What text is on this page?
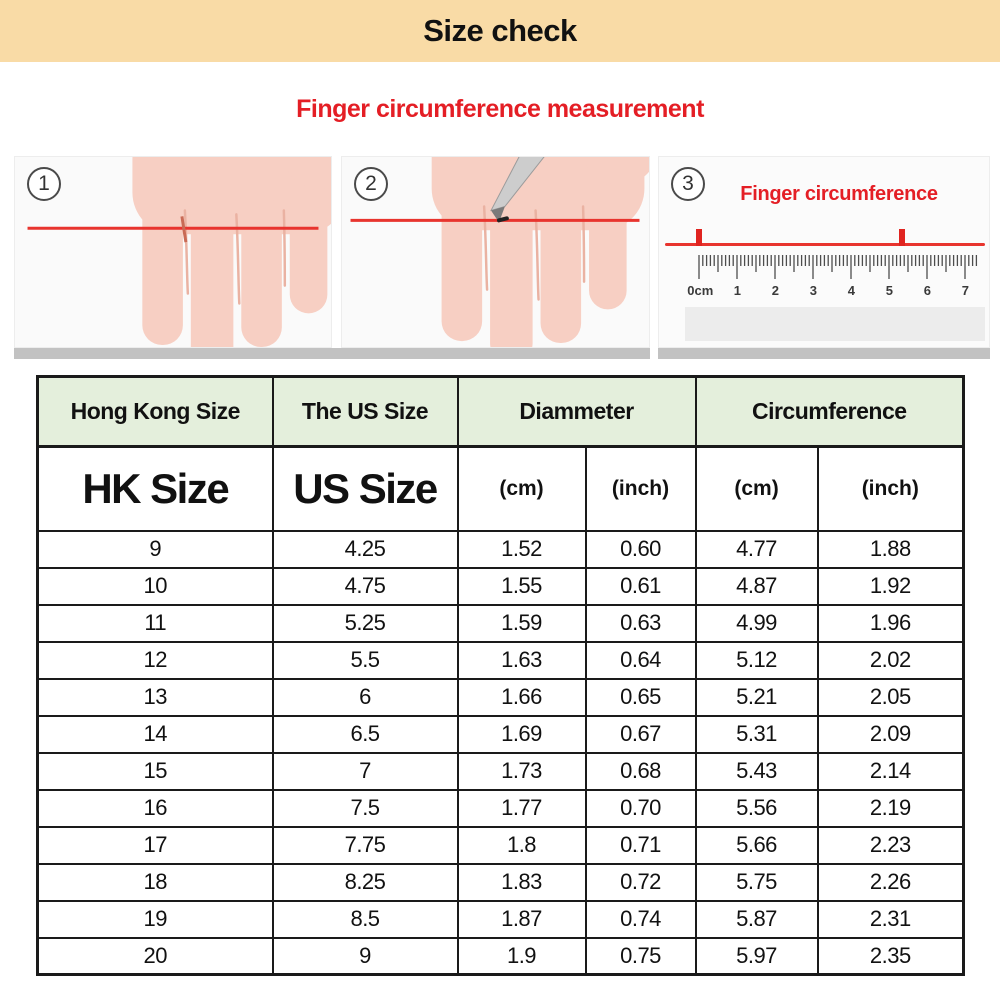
Size check
Finger circumference measurement
1	2	3	Finger circumference
0cm 1 2 3 4 5 6 7
Hong Kong Size	The US Size	Diammeter		Circumference	
HK Size	US Size	(cm)	(inch)	(cm)	(inch)
9	4.25	1.52	0.60	4.77	1.88
10	4.75	1.55	0.61	4.87	1.92
11	5.25	1.59	0.63	4.99	1.96
12	5.5	1.63	0.64	5.12	2.02
13	6	1.66	0.65	5.21	2.05
14	6.5	1.69	0.67	5.31	2.09
15	7	1.73	0.68	5.43	2.14
16	7.5	1.77	0.70	5.56	2.19
17	7.75	1.8	0.71	5.66	2.23
18	8.25	1.83	0.72	5.75	2.26
19	8.5	1.87	0.74	5.87	2.31
20	9	1.9	0.75	5.97	2.35
